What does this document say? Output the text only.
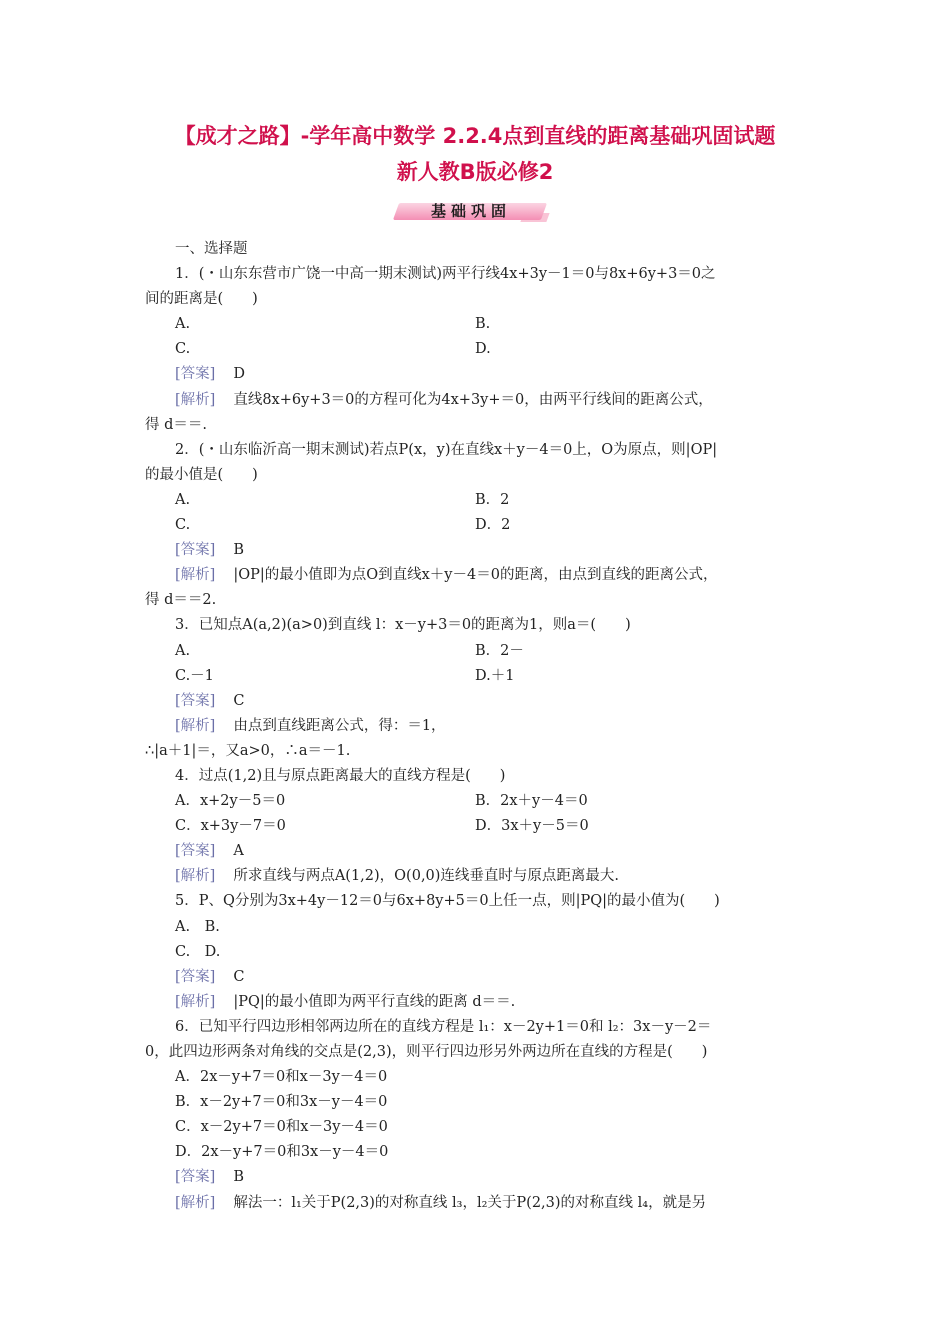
【成才之路】-学年高中数学 2.2.4点到直线的距离基础巩固试题
新人教B版必修2
基础巩固
一、选择题
1．(・山东东营市广饶一中高一期末测试)两平行线4x+3y－1＝0与8x+6y+3＝0之
间的距离是(　　)
A.	B.
C.	D.
[答案] D
[解析] 直线8x+6y+3＝0的方程可化为4x+3y+＝0，由两平行线间的距离公式，
得 d＝＝.
2．(・山东临沂高一期末测试)若点P(x，y)在直线x＋y－4＝0上，O为原点，则|OP|
的最小值是(　　)
A.	B．2
C.	D．2
[答案] B
[解析] |OP|的最小值即为点O到直线x＋y－4＝0的距离，由点到直线的距离公式，
得 d＝＝2.
3．已知点A(a,2)(a>0)到直线 l：x－y+3＝0的距离为1，则a＝(　　)
A.	B．2－
C.－1	D.＋1
[答案] C
[解析] 由点到直线距离公式，得：＝1，
∴|a＋1|＝，又a>0，∴a＝－1.
4．过点(1,2)且与原点距离最大的直线方程是(　　)
A．x+2y－5＝0	B．2x＋y－4＝0
C．x+3y－7＝0	D．3x＋y－5＝0
[答案] A
[解析] 所求直线与两点A(1,2)，O(0,0)连线垂直时与原点距离最大.
5．P、Q分别为3x+4y－12＝0与6x+8y+5＝0上任一点，则|PQ|的最小值为(　　)
A.　B.
C.　D.
[答案] C
[解析] |PQ|的最小值即为两平行直线的距离 d＝＝.
6．已知平行四边形相邻两边所在的直线方程是 l₁：x－2y+1＝0和 l₂：3x－y－2＝
0，此四边形两条对角线的交点是(2,3)，则平行四边形另外两边所在直线的方程是(　　)
A．2x－y+7＝0和x－3y－4＝0
B．x－2y+7＝0和3x－y－4＝0
C．x－2y+7＝0和x－3y－4＝0
D．2x－y+7＝0和3x－y－4＝0
[答案] B
[解析] 解法一：l₁关于P(2,3)的对称直线 l₃，l₂关于P(2,3)的对称直线 l₄，就是另
